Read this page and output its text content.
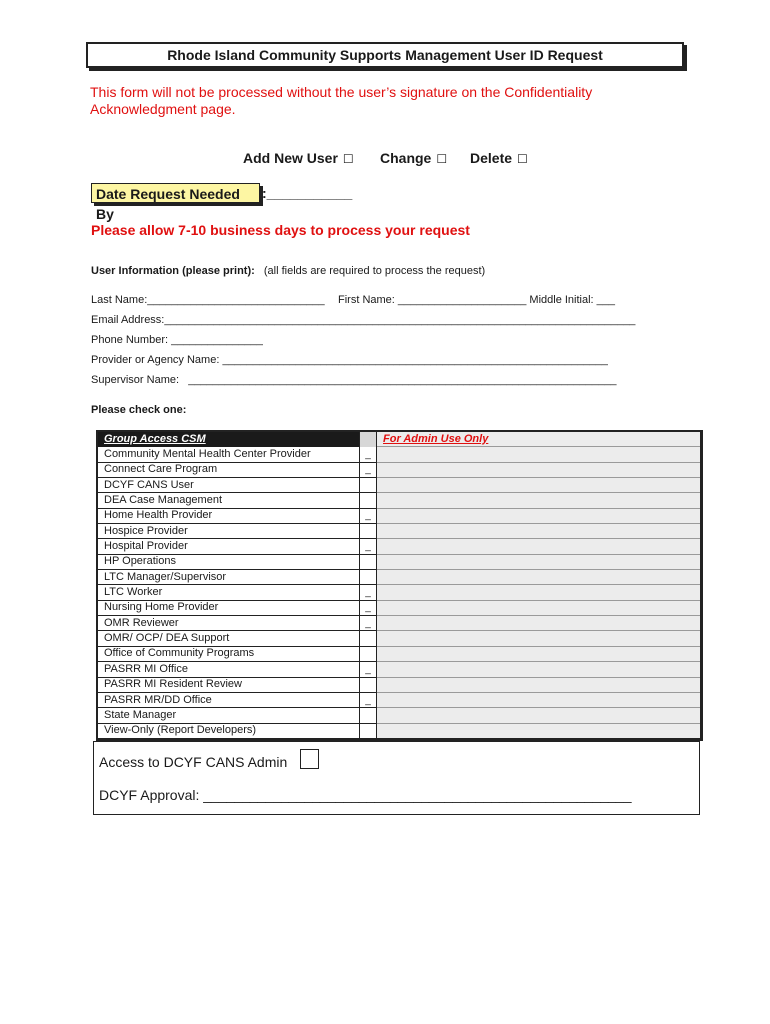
Rhode Island Community Supports Management User ID Request
This form will not be processed without the user’s signature on the Confidentiality Acknowledgment page.
Add New User ☐ Change ☐ Delete ☐
Date Request Needed By
:___________
Please allow 7-10 business days to process your request
User Information (please print): (all fields are required to process the request)
Last Name:_____________________________ First Name: _____________________ Middle Initial: ___
Email Address:_____________________________________________________________________________
Phone Number: _______________
Provider or Agency Name: _______________________________________________________________
Supervisor Name:   ______________________________________________________________________
Please check one:
Group Access CSM		For Admin Use Only
Community Mental Health Center Provider	_	
Connect Care Program	_	
DCYF CANS User		
DEA Case Management		
Home Health Provider	_	
Hospice Provider		
Hospital Provider	_	
HP Operations		
LTC Manager/Supervisor		
LTC Worker	_	
Nursing Home Provider	_	
OMR Reviewer	_	
OMR/ OCP/ DEA Support		
Office of Community Programs		
PASRR MI Office	_	
PASRR MI Resident Review		
PASRR MR/DD Office	_	
State Manager		
View-Only (Report Developers)		
Access to DCYF CANS Admin
DCYF Approval: _______________________________________________________
